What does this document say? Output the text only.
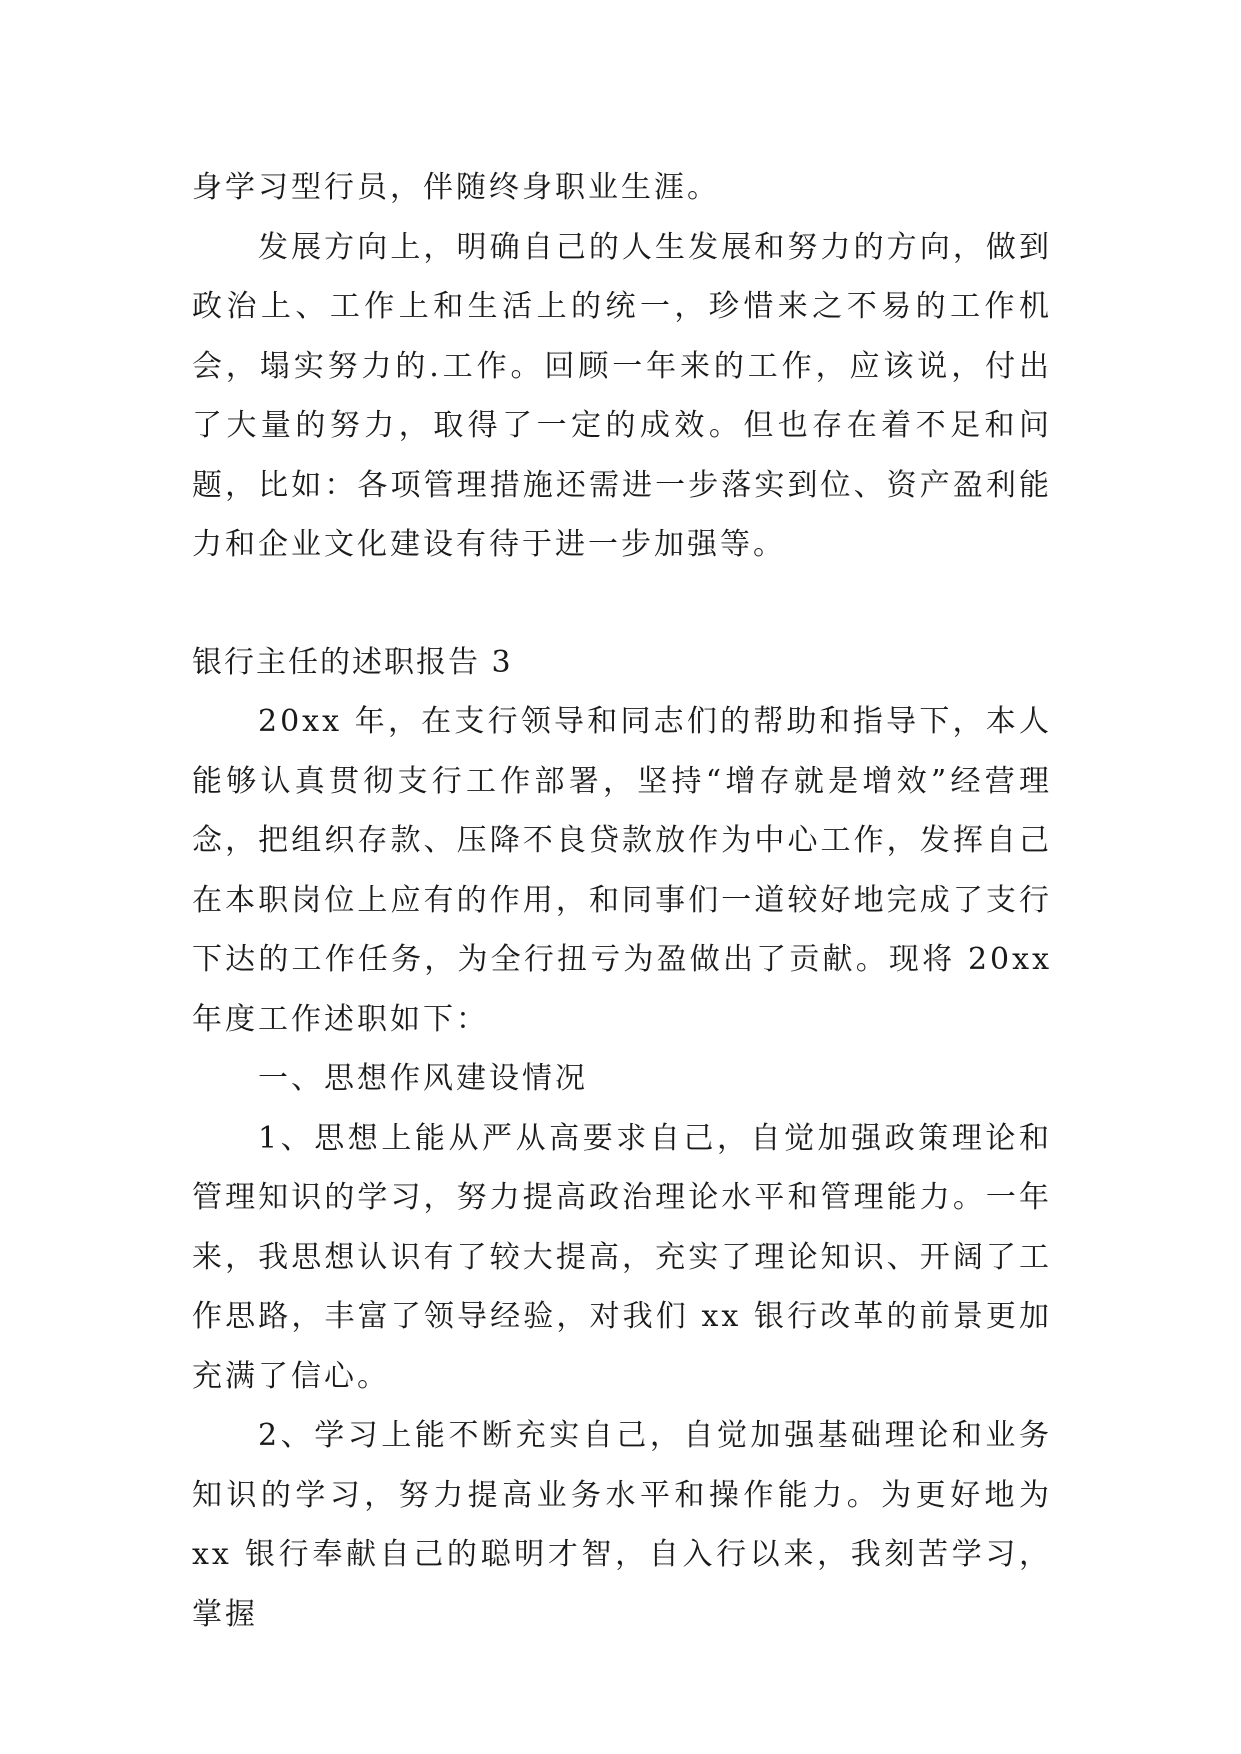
身学习型行员，伴随终身职业生涯。

发展方向上，明确自己的人生发展和努力的方向，做到政治上、工作上和生活上的统一，珍惜来之不易的工作机会，塌实努力的.工作。回顾一年来的工作，应该说，付出了大量的努力，取得了一定的成效。但也存在着不足和问题，比如：各项管理措施还需进一步落实到位、资产盈利能力和企业文化建设有待于进一步加强等。

银行主任的述职报告 3

20xx 年，在支行领导和同志们的帮助和指导下，本人能够认真贯彻支行工作部署，坚持“增存就是增效”经营理念，把组织存款、压降不良贷款放作为中心工作，发挥自己在本职岗位上应有的作用，和同事们一道较好地完成了支行下达的工作任务，为全行扭亏为盈做出了贡献。现将 20xx 年度工作述职如下：

一、思想作风建设情况

1、思想上能从严从高要求自己，自觉加强政策理论和管理知识的学习，努力提高政治理论水平和管理能力。一年来，我思想认识有了较大提高，充实了理论知识、开阔了工作思路，丰富了领导经验，对我们 xx 银行改革的前景更加充满了信心。

2、学习上能不断充实自己，自觉加强基础理论和业务知识的学习，努力提高业务水平和操作能力。为更好地为 xx 银行奉献自己的聪明才智，自入行以来，我刻苦学习，掌握
